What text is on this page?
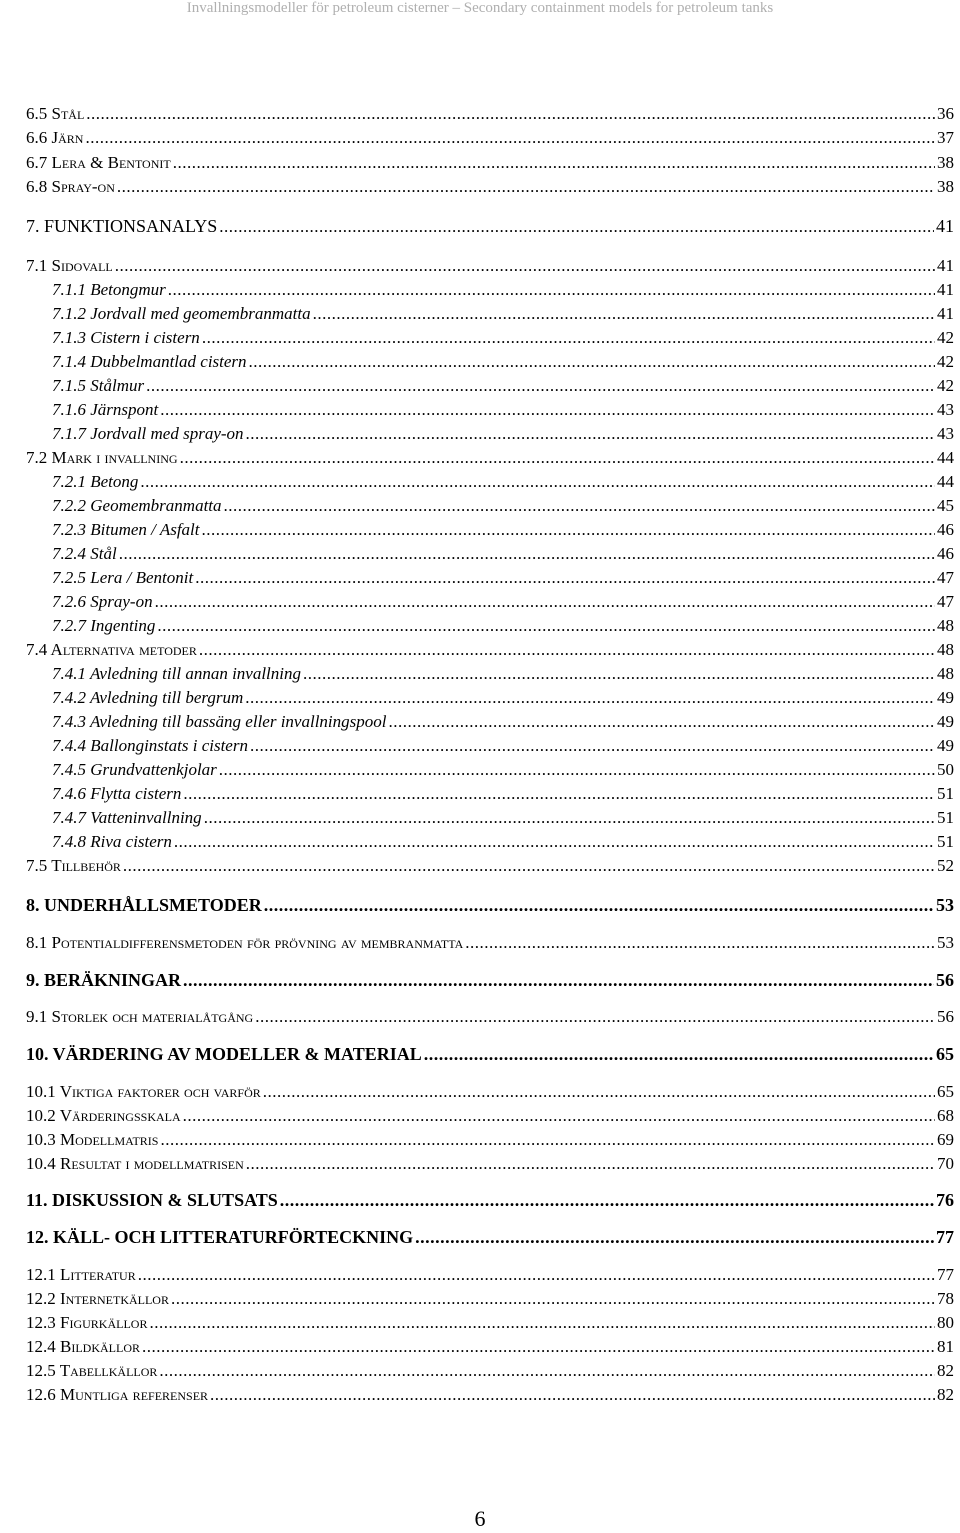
Invallningsmodeller för petroleum cisterner – Secondary containment models for petroleum tanks
6.5 Stål .....	36
6.6 Järn .....	37
6.7 Lera & Bentonit .....	38
6.8 Spray-on .....	38
7. FUNKTIONSANALYS .....	41
7.1 Sidovall .....	41
7.1.1 Betongmur .....	41
7.1.2 Jordvall med geomembranmatta .....	41
7.1.3 Cistern i cistern .....	42
7.1.4 Dubbelmantlad cistern .....	42
7.1.5 Stålmur .....	42
7.1.6 Järnspont .....	43
7.1.7 Jordvall med spray-on .....	43
7.2 Mark i invallning .....	44
7.2.1 Betong .....	44
7.2.2 Geomembranmatta .....	45
7.2.3 Bitumen / Asfalt .....	46
7.2.4 Stål .....	46
7.2.5 Lera / Bentonit .....	47
7.2.6 Spray-on .....	47
7.2.7 Ingenting .....	48
7.4 Alternativa metoder .....	48
7.4.1 Avledning till annan invallning .....	48
7.4.2 Avledning till bergrum .....	49
7.4.3 Avledning till bassäng eller invallningspool .....	49
7.4.4 Ballonginstats i cistern .....	49
7.4.5 Grundvattenkjolar .....	50
7.4.6 Flytta cistern .....	51
7.4.7 Vatteninvallning .....	51
7.4.8 Riva cistern .....	51
7.5 Tillbehör .....	52
8. UNDERHÅLLSMETODER .....	53
8.1 Potentialdifferensmetoden för prövning av membranmatta .....	53
9. BERÄKNINGAR .....	56
9.1 Storlek och materialåtgång .....	56
10. VÄRDERING AV MODELLER & MATERIAL .....	65
10.1 Viktiga faktorer och varför .....	65
10.2 Värderingsskala .....	68
10.3 Modellmatris .....	69
10.4 Resultat i modellmatrisen .....	70
11. DISKUSSION & SLUTSATS .....	76
12. KÄLL- OCH LITTERATURFÖRTECKNING .....	77
12.1 Litteratur .....	77
12.2 Internetkällor .....	78
12.3 Figurkällor .....	80
12.4 Bildkällor .....	81
12.5 Tabellkällor .....	82
12.6 Muntliga referenser .....	82
6
